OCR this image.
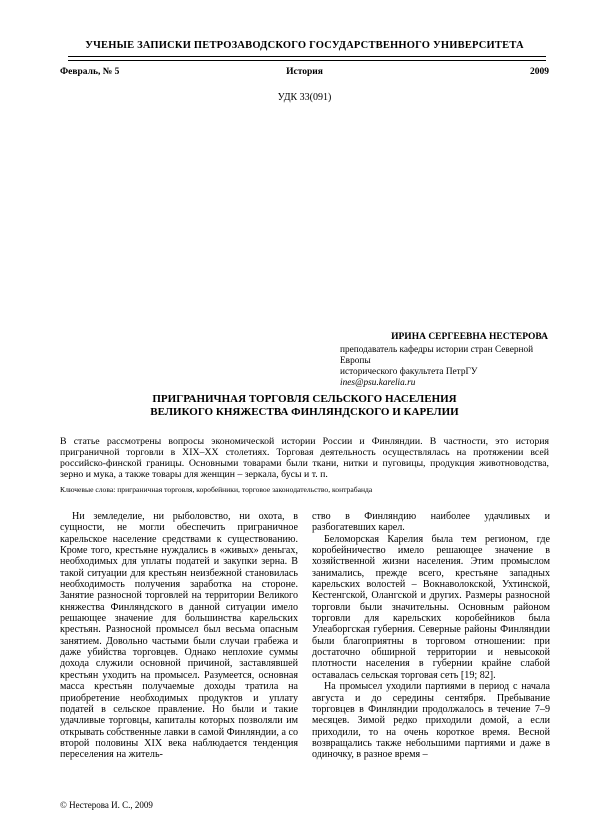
УЧЕНЫЕ ЗАПИСКИ ПЕТРОЗАВОДСКОГО ГОСУДАРСТВЕННОГО УНИВЕРСИТЕТА
Февраль, № 5	История	2009
УДК 33(091)
ИРИНА СЕРГЕЕВНА НЕСТЕРОВА
преподаватель кафедры истории стран Северной Европы
исторического факультета ПетрГУ
ines@psu.karelia.ru
ПРИГРАНИЧНАЯ ТОРГОВЛЯ СЕЛЬСКОГО НАСЕЛЕНИЯ
ВЕЛИКОГО КНЯЖЕСТВА ФИНЛЯНДСКОГО И КАРЕЛИИ
В статье рассмотрены вопросы экономической истории России и Финляндии. В частности, это история приграничной торговли в XIX–XX столетиях. Торговая деятельность осуществлялась на протяжении всей российско-финской границы. Основными товарами были ткани, нитки и пуговицы, продукция животноводства, зерно и мука, а также товары для женщин – зеркала, бусы и т. п.
Ключевые слова: приграничная торговля, коробейники, торговое законодательство, контрабанда

Ни земледелие, ни рыболовство, ни охота, в сущности, не могли обеспечить приграничное карельское население средствами к существованию. Кроме того, крестьяне нуждались в «живых» деньгах, необходимых для уплаты податей и закупки зерна. В такой ситуации для крестьян неизбежной становилась необходимость получения заработка на стороне. Занятие разносной торговлей на территории Великого княжества Финляндского в данной ситуации имело решающее значение для большинства карельских крестьян. Разносной промысел был весьма опасным занятием. Довольно частыми были случаи грабежа и даже убийства торговцев. Однако неплохие суммы дохода служили основной причиной, заставлявшей крестьян уходить на промысел. Разумеется, основная масса крестьян получаемые доходы тратила на приобретение необходимых продуктов и уплату податей в сельское правление. Но были и такие удачливые торговцы, капиталы которых позволяли им открывать собственные лавки в самой Финляндии, а со второй половины XIX века наблюдается тенденция переселения на житель-

ство в Финляндию наиболее удачливых и разбогатевших карел.

Беломорская Карелия была тем регионом, где коробейничество имело решающее значение в хозяйственной жизни населения. Этим промыслом занимались, прежде всего, крестьяне западных карельских волостей – Вокнаволокской, Ухтинской, Кестенгской, Олангской и других. Размеры разносной торговли были значительны. Основным районом торговли для карельских коробейников была Улеаборгская губерния. Северные районы Финляндии были благоприятны в торговом отношении: при достаточно обширной территории и невысокой плотности населения в губернии крайне слабой оставалась сельская торговая сеть [19; 82].

На промысел уходили партиями в период с начала августа и до середины сентября. Пребывание торговцев в Финляндии продолжалось в течение 7–9 месяцев. Зимой редко приходили домой, а если приходили, то на очень короткое время. Весной возвращались также небольшими партиями и даже в одиночку, в разное время –

© Нестерова И. С., 2009
